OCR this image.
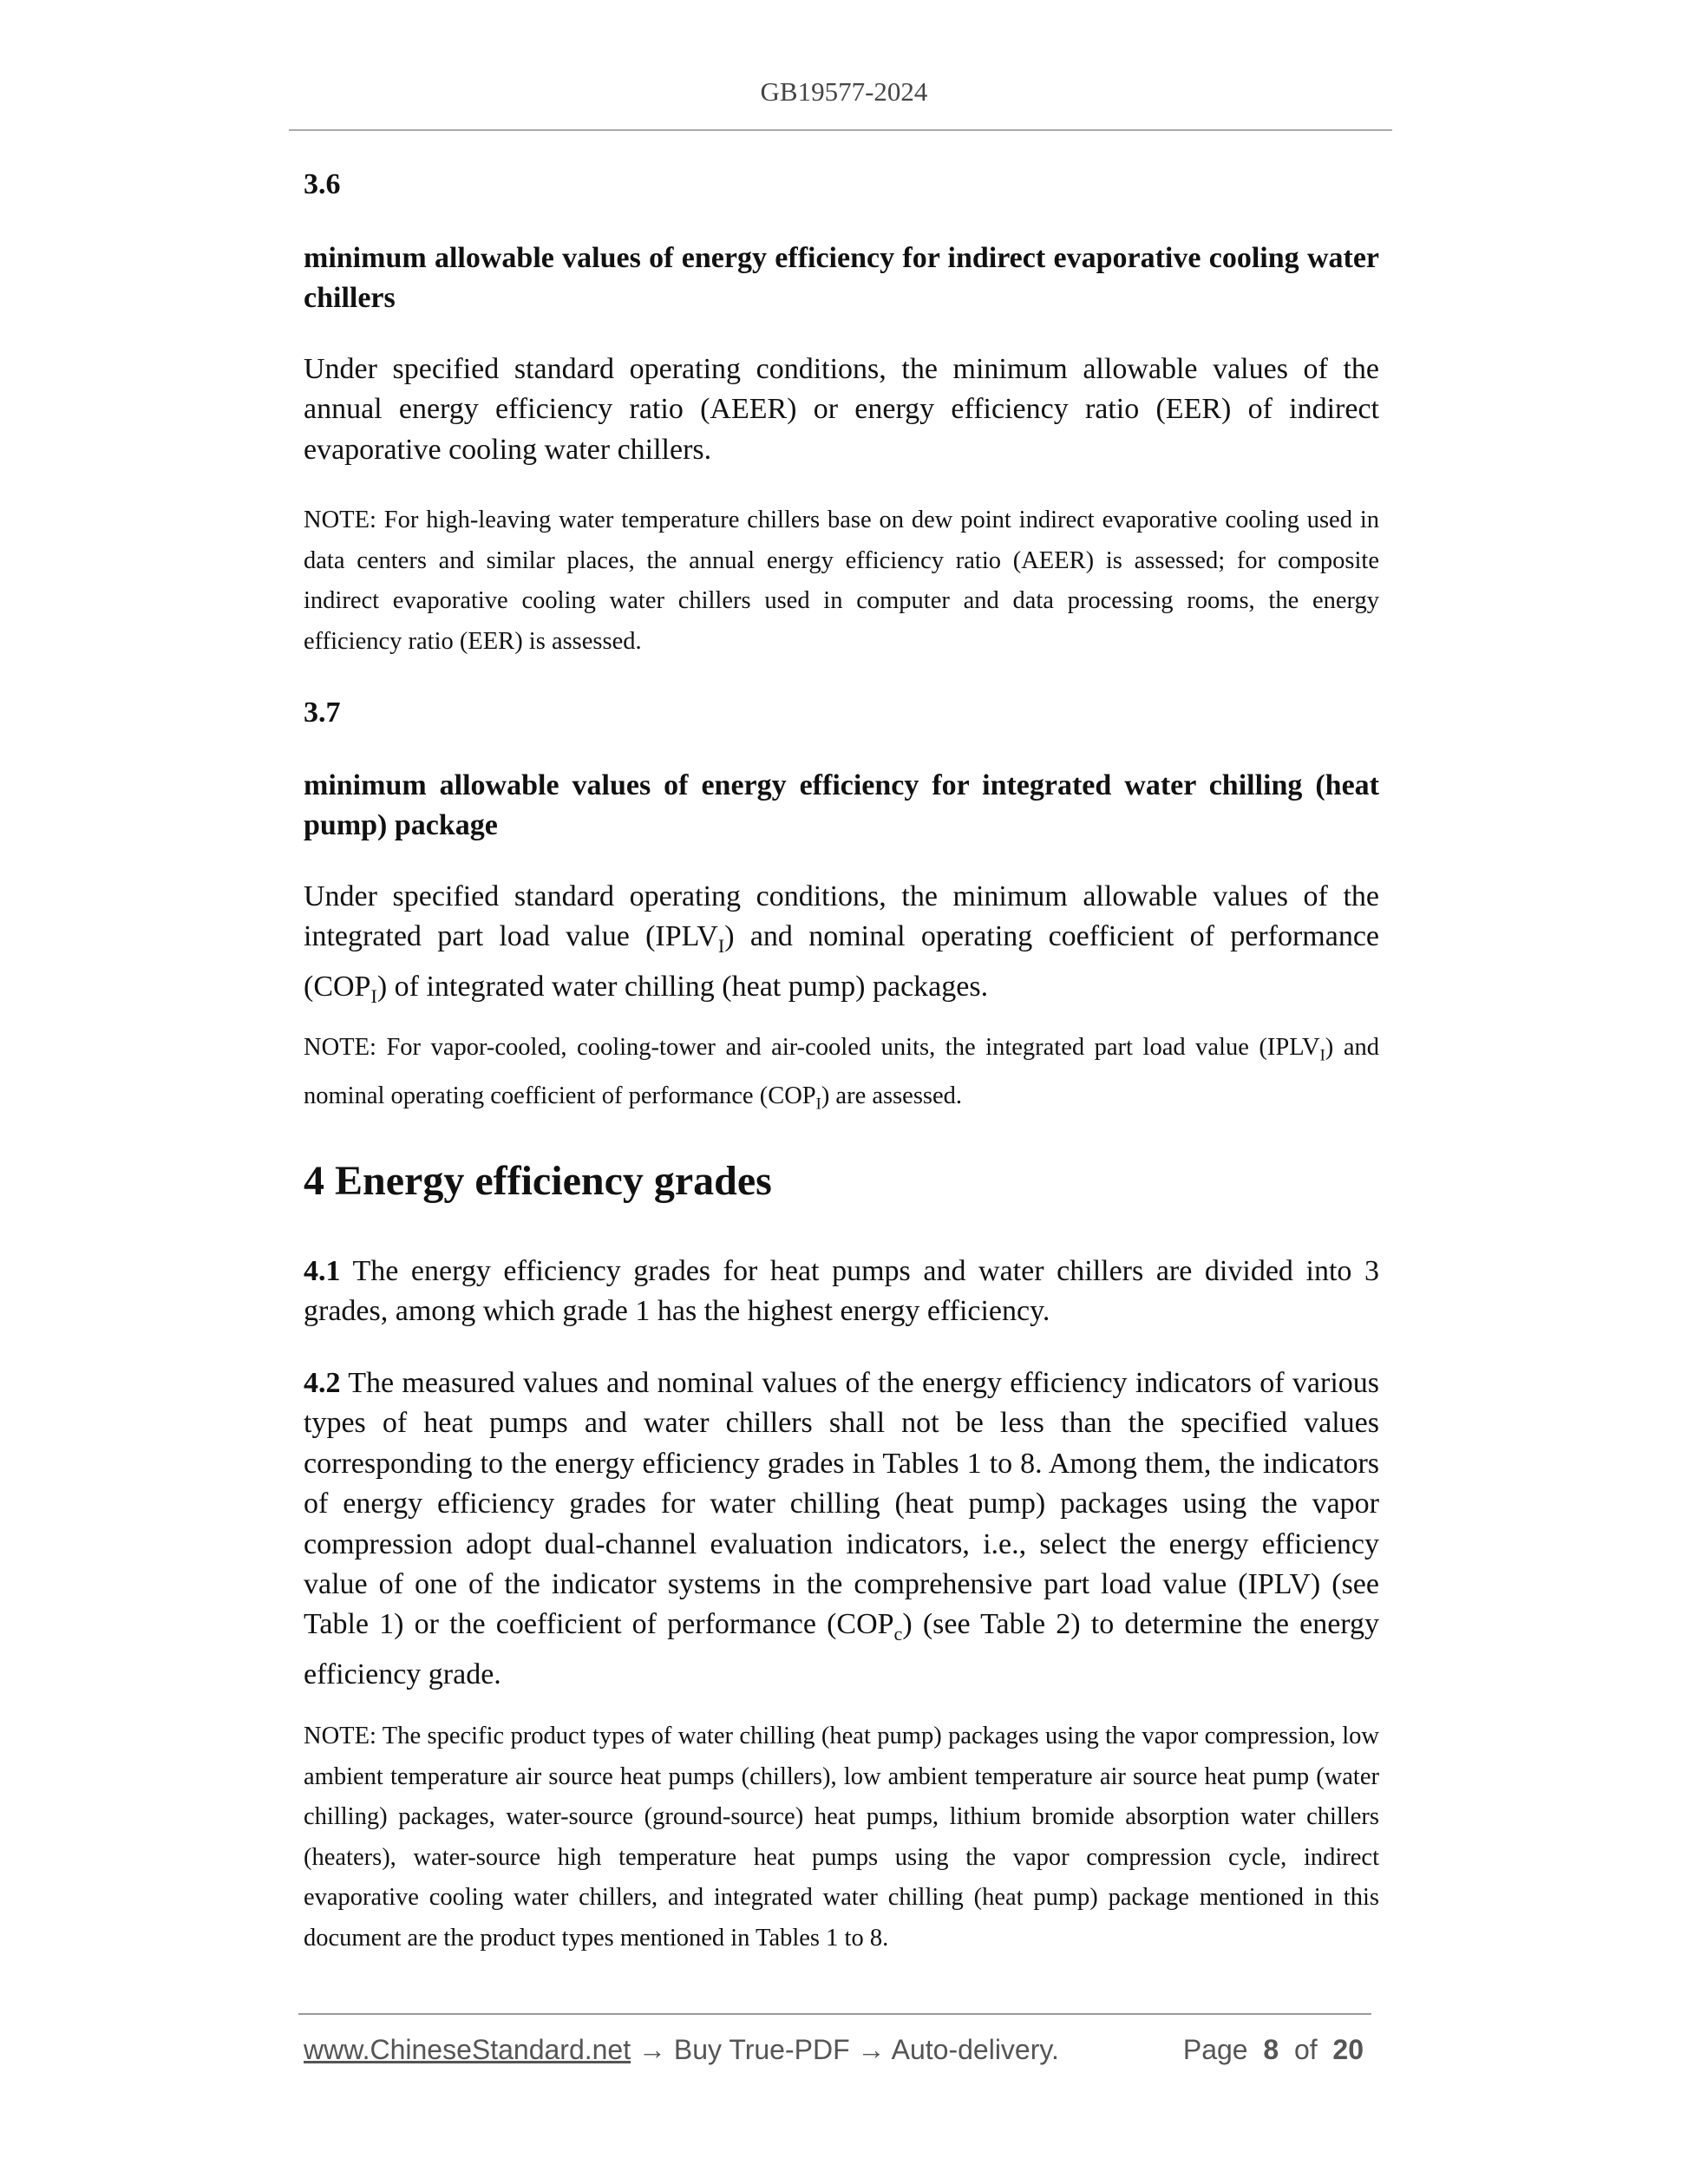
GB19577-2024
3.6
minimum allowable values of energy efficiency for indirect evaporative cooling water chillers
Under specified standard operating conditions, the minimum allowable values of the annual energy efficiency ratio (AEER) or energy efficiency ratio (EER) of indirect evaporative cooling water chillers.
NOTE: For high-leaving water temperature chillers base on dew point indirect evaporative cooling used in data centers and similar places, the annual energy efficiency ratio (AEER) is assessed; for composite indirect evaporative cooling water chillers used in computer and data processing rooms, the energy efficiency ratio (EER) is assessed.
3.7
minimum allowable values of energy efficiency for integrated water chilling (heat pump) package
Under specified standard operating conditions, the minimum allowable values of the integrated part load value $(IPLV_I)$ and nominal operating coefficient of performance $(COP_I)$ of integrated water chilling (heat pump) packages.
NOTE: For vapor-cooled, cooling-tower and air-cooled units, the integrated part load value $(IPLV_I)$ and nominal operating coefficient of performance $(COP_I)$ are assessed.
4 Energy efficiency grades
4.1 The energy efficiency grades for heat pumps and water chillers are divided into 3 grades, among which grade 1 has the highest energy efficiency.
4.2 The measured values and nominal values of the energy efficiency indicators of various types of heat pumps and water chillers shall not be less than the specified values corresponding to the energy efficiency grades in Tables 1 to 8. Among them, the indicators of energy efficiency grades for water chilling (heat pump) packages using the vapor compression adopt dual-channel evaluation indicators, i.e., select the energy efficiency value of one of the indicator systems in the comprehensive part load value (IPLV) (see Table 1) or the coefficient of performance $(COP_c)$ (see Table 2) to determine the energy efficiency grade.
NOTE: The specific product types of water chilling (heat pump) packages using the vapor compression, low ambient temperature air source heat pumps (chillers), low ambient temperature air source heat pump (water chilling) packages, water-source (ground-source) heat pumps, lithium bromide absorption water chillers (heaters), water-source high temperature heat pumps using the vapor compression cycle, indirect evaporative cooling water chillers, and integrated water chilling (heat pump) package mentioned in this document are the product types mentioned in Tables 1 to 8.
www.ChineseStandard.net → Buy True-PDF → Auto-delivery.	Page 8 of 20
